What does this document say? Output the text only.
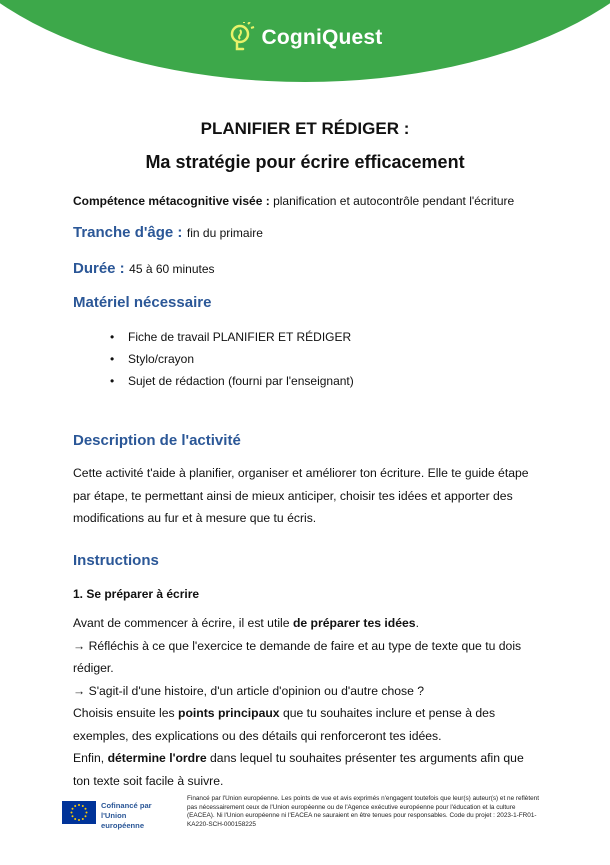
CogniQuest
PLANIFIER ET RÉDIGER :
Ma stratégie pour écrire efficacement
Compétence métacognitive visée : planification et autocontrôle pendant l'écriture
Tranche d'âge : fin du primaire
Durée : 45 à 60 minutes
Matériel nécessaire
• Fiche de travail PLANIFIER ET RÉDIGER
• Stylo/crayon
• Sujet de rédaction (fourni par l'enseignant)
Description de l'activité
Cette activité t'aide à planifier, organiser et améliorer ton écriture. Elle te guide étape
par étape, te permettant ainsi de mieux anticiper, choisir tes idées et apporter des
modifications au fur et à mesure que tu écris.
Instructions
1. Se préparer à écrire
Avant de commencer à écrire, il est utile de préparer tes idées.
→ Réfléchis à ce que l'exercice te demande de faire et au type de texte que tu dois
rédiger.
→ S'agit-il d'une histoire, d'un article d'opinion ou d'autre chose ?
Choisis ensuite les points principaux que tu souhaites inclure et pense à des
exemples, des explications ou des détails qui renforceront tes idées.
Enfin, détermine l'ordre dans lequel tu souhaites présenter tes arguments afin que
ton texte soit facile à suivre.
Cofinancé par
l'Union européenne
Financé par l'Union européenne. Les points de vue et avis exprimés n'engagent toutefois que leur(s) auteur(s) et ne reflètent pas nécessairement ceux de l'Union européenne ou de l'Agence exécutive européenne pour l'éducation et la culture (EACEA). Ni l'Union européenne ni l'EACEA ne sauraient en être tenues pour responsables. Code du projet : 2023-1-FR01-KA220-SCH-000158225
